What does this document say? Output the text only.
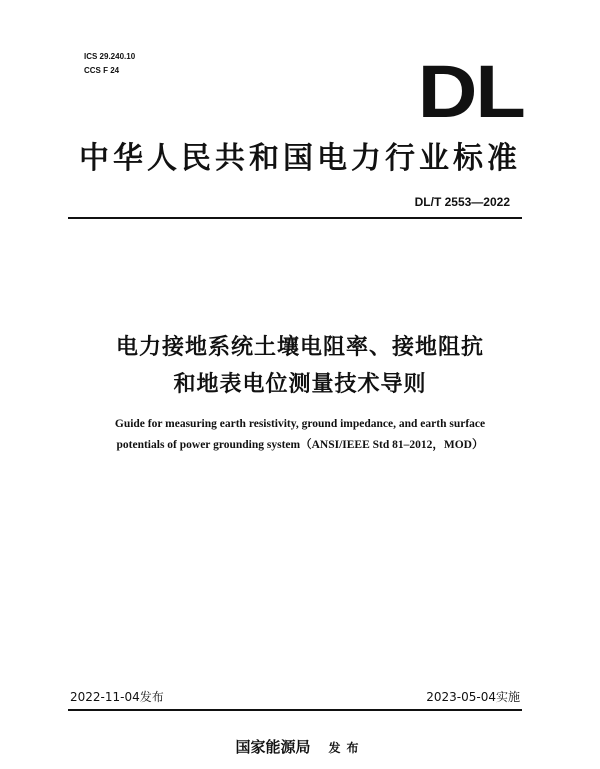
ICS 29.240.10
CCS F 24	DL
中华人民共和国电力行业标准
DL/T 2553—2022
电力接地系统土壤电阻率、接地阻抗
和地表电位测量技术导则
Guide for measuring earth resistivity, ground impedance, and earth surface
potentials of power grounding system（ANSI/IEEE Std 81–2012，MOD）
2022-11-04发布	2023-05-04实施
国家能源局 发布
